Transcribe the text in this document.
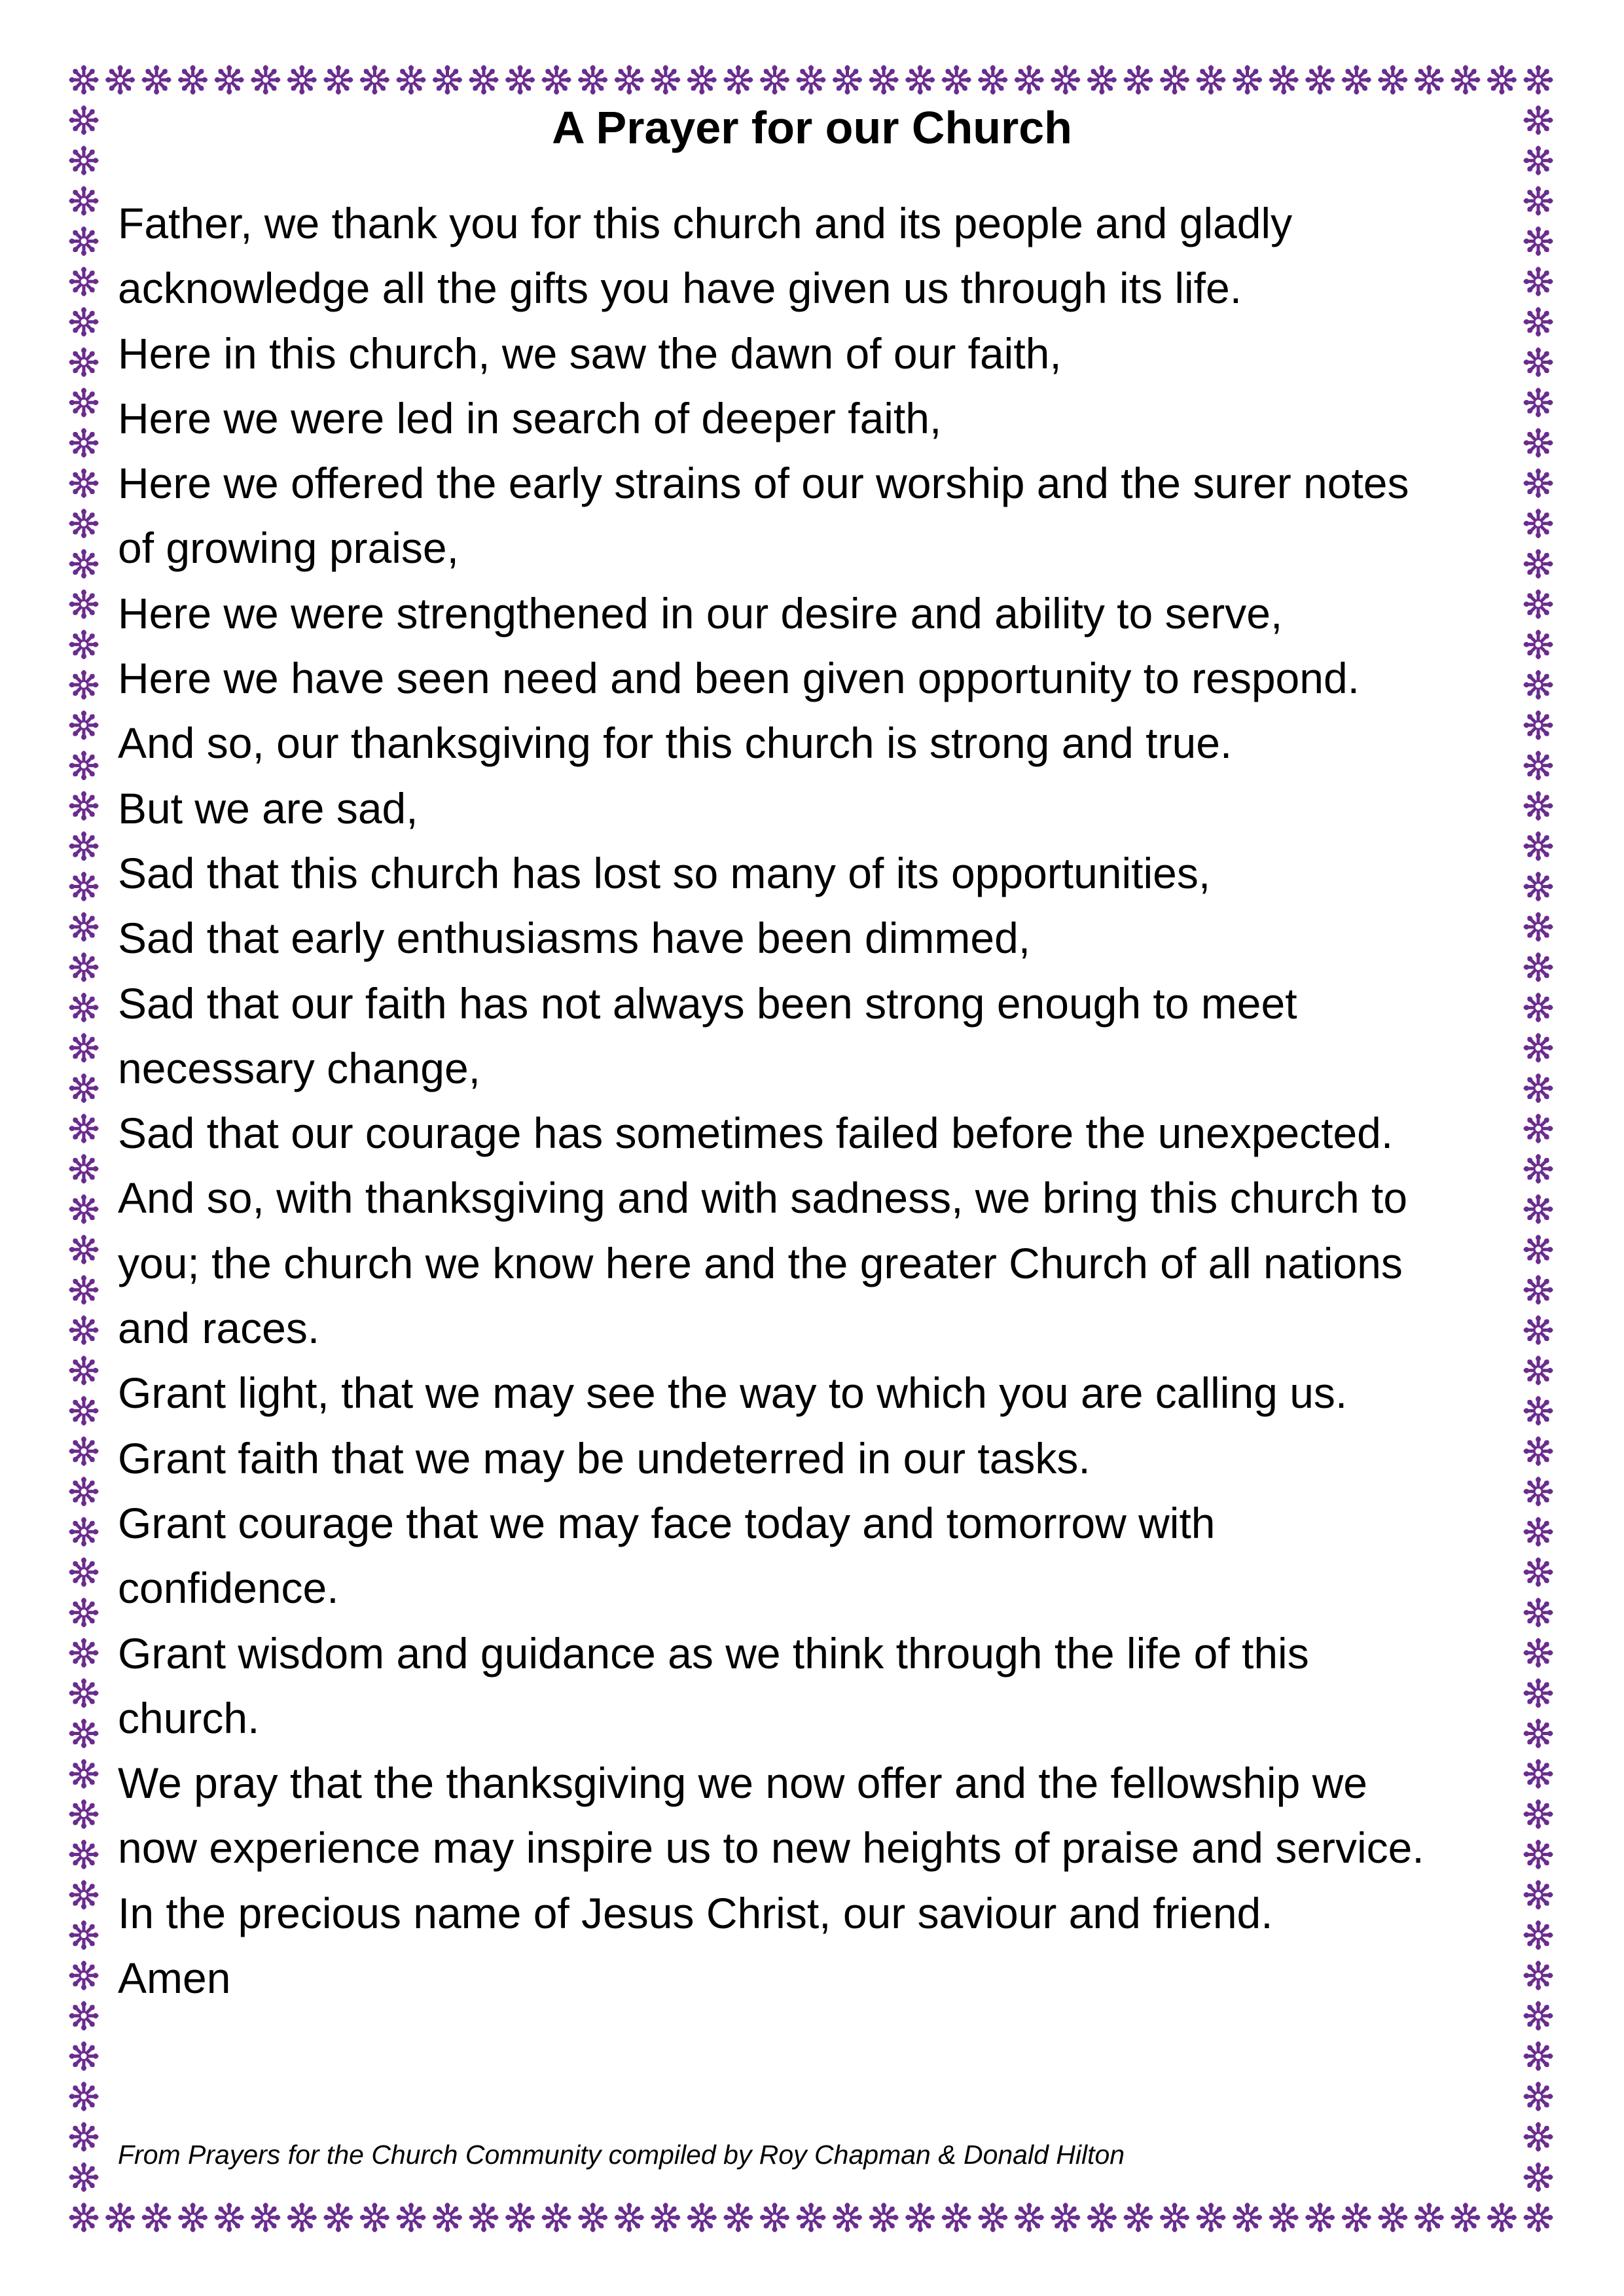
A Prayer for our Church
Father, we thank you for this church and its people and gladly
acknowledge all the gifts you have given us through its life.
Here in this church, we saw the dawn of our faith,
Here we were led in search of deeper faith,
Here we offered the early strains of our worship and the surer notes
of growing praise,
Here we were strengthened in our desire and ability to serve,
Here we have seen need and been given opportunity to respond.
And so, our thanksgiving for this church is strong and true.
But we are sad,
Sad that this church has lost so many of its opportunities,
Sad that early enthusiasms have been dimmed,
Sad that our faith has not always been strong enough to meet
necessary change,
Sad that our courage has sometimes failed before the unexpected.
And so, with thanksgiving and with sadness, we bring this church to
you; the church we know here and the greater Church of all nations
and races.
Grant light, that we may see the way to which you are calling us.
Grant faith that we may be undeterred in our tasks.
Grant courage that we may face today and tomorrow with
confidence.
Grant wisdom and guidance as we think through the life of this
church.
We pray that the thanksgiving we now offer and the fellowship we
now experience may inspire us to new heights of praise and service.
In the precious name of Jesus Christ, our saviour and friend.
Amen
From Prayers for the Church Community compiled by Roy Chapman & Donald Hilton
